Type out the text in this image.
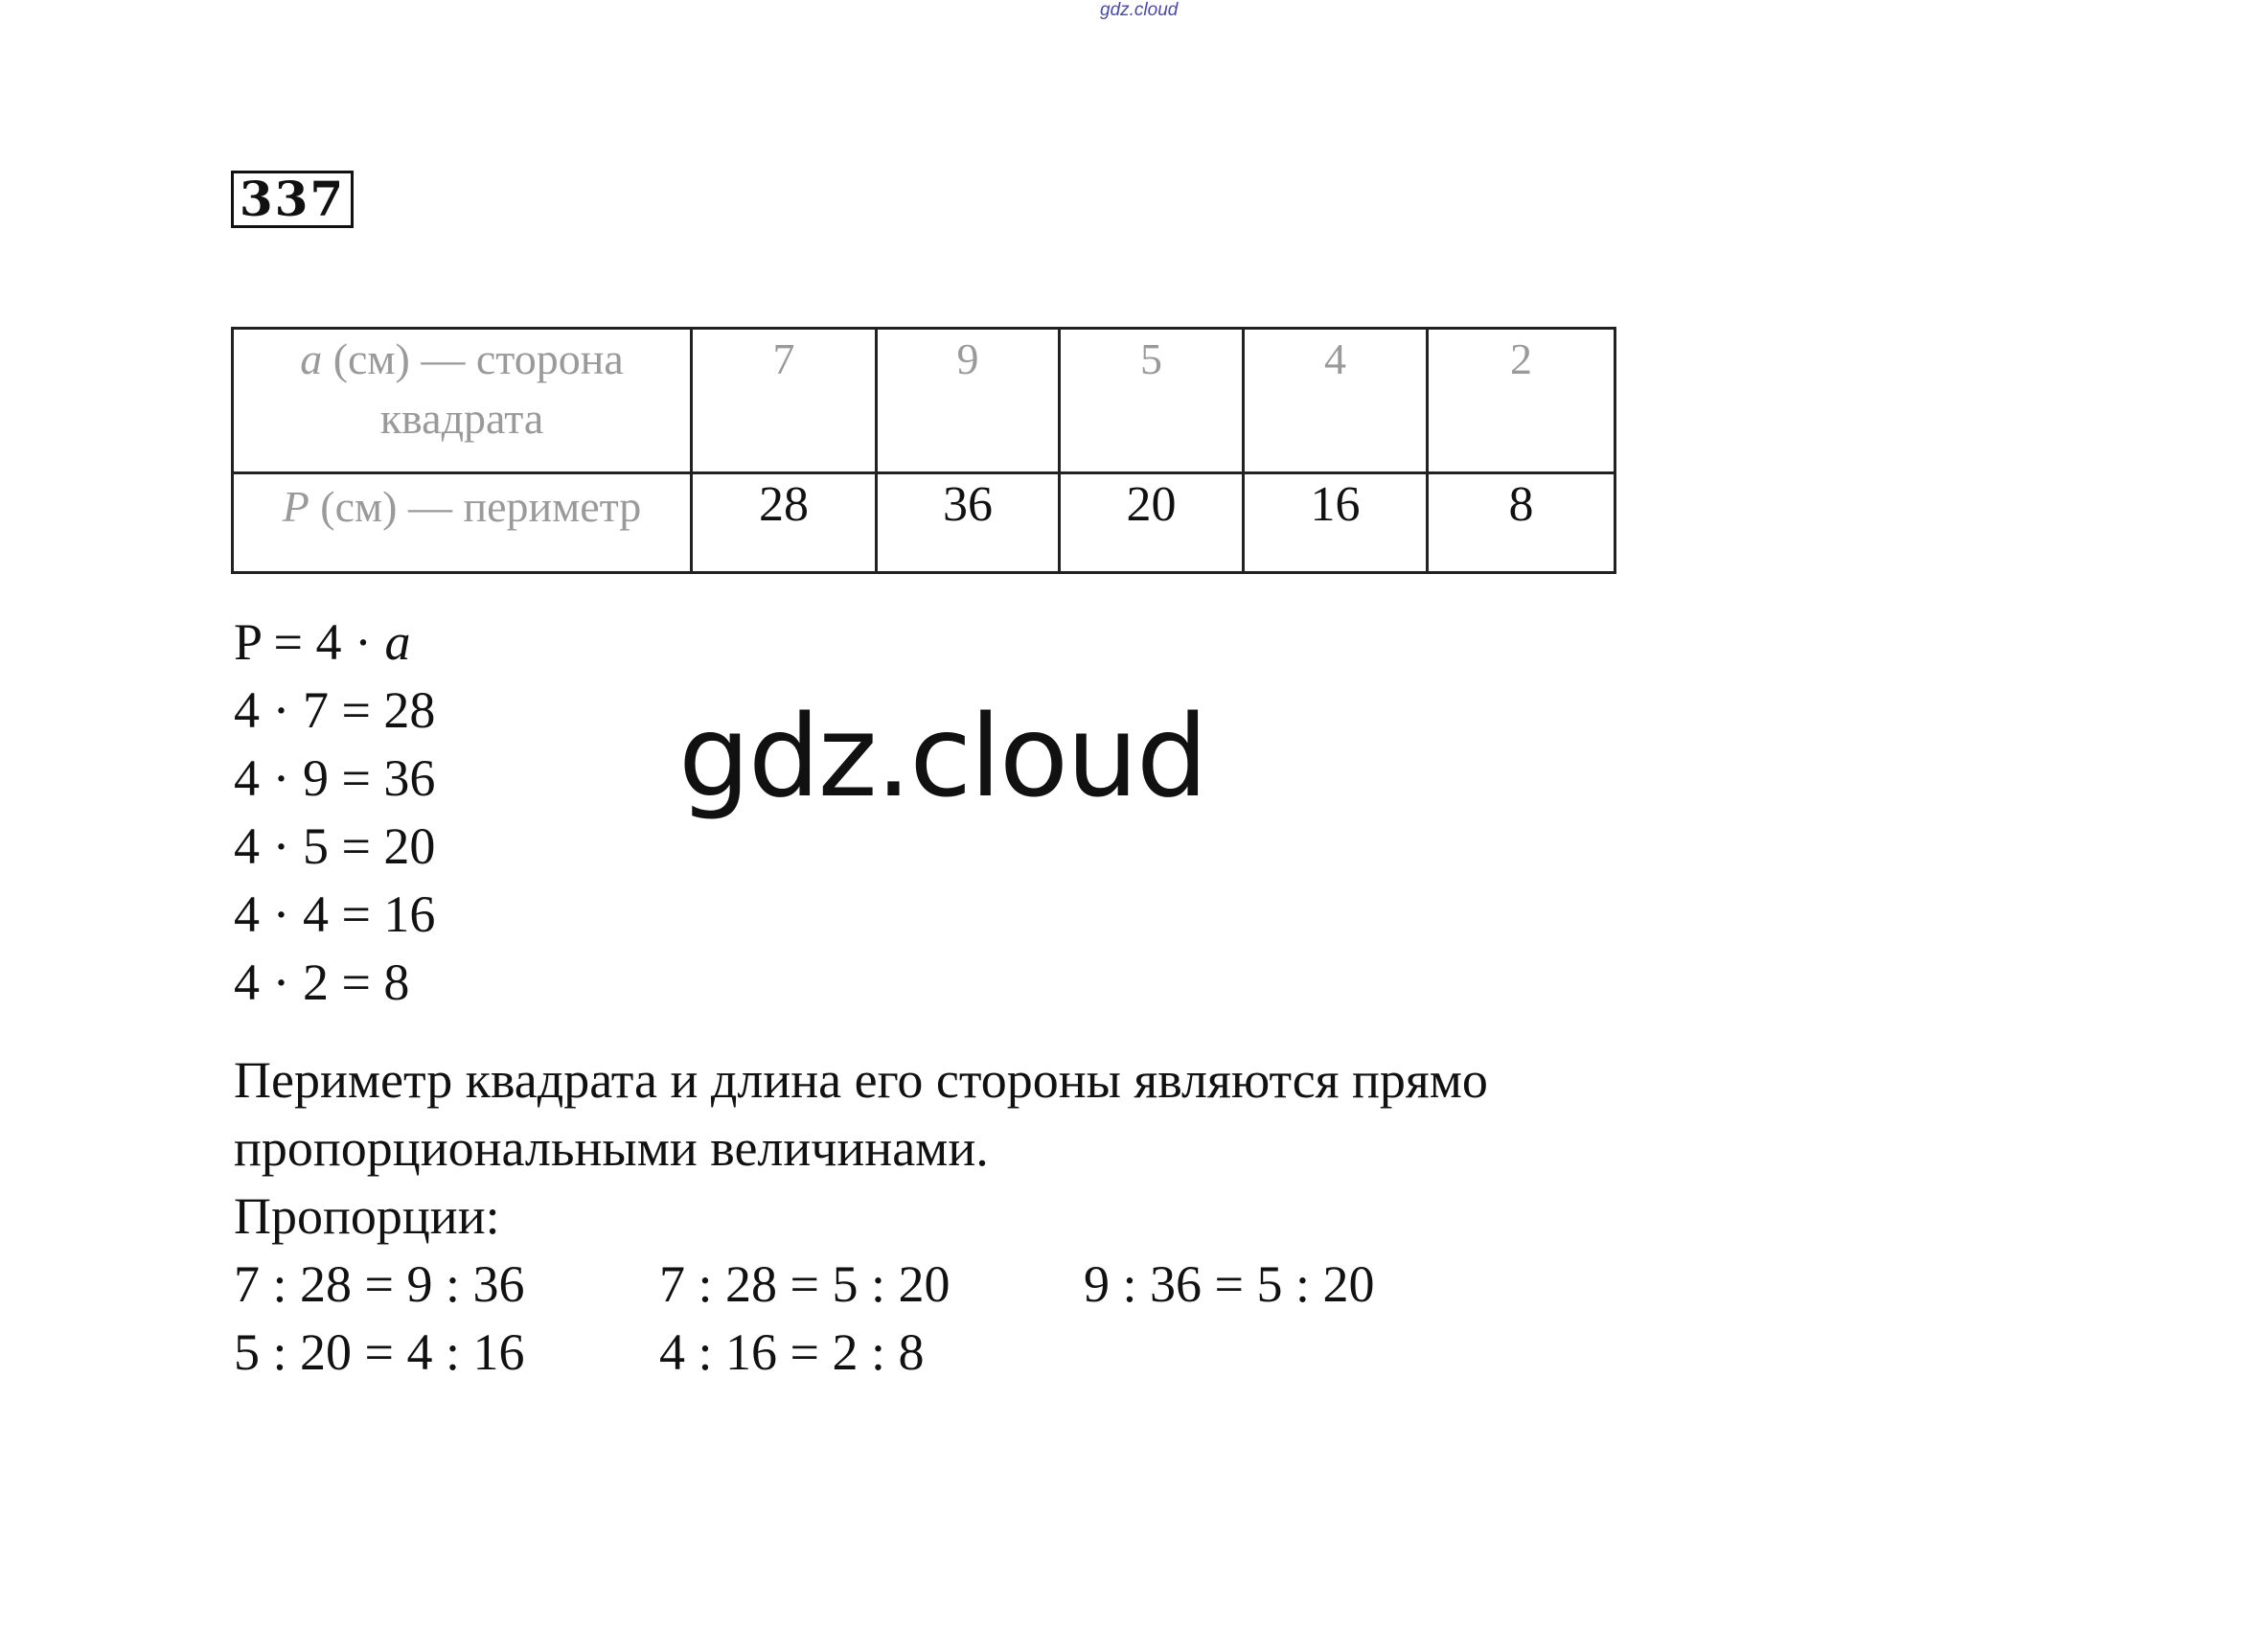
gdz.cloud
337
a (см) — сторона
квадрата	7	9	5	4	2
P (см) — периметр	28	36	20	16	8
P = 4 · a
4 · 7 = 28
4 · 9 = 36
4 · 5 = 20
4 · 4 = 16
4 · 2 = 8
gdz.cloud
Периметр квадрата и длина его стороны являются прямо
пропорциональными величинами.
Пропорции:
7 : 28 = 9 : 36	7 : 28 = 5 : 20	9 : 36 = 5 : 20
5 : 20 = 4 : 16	4 : 16 = 2 : 8
